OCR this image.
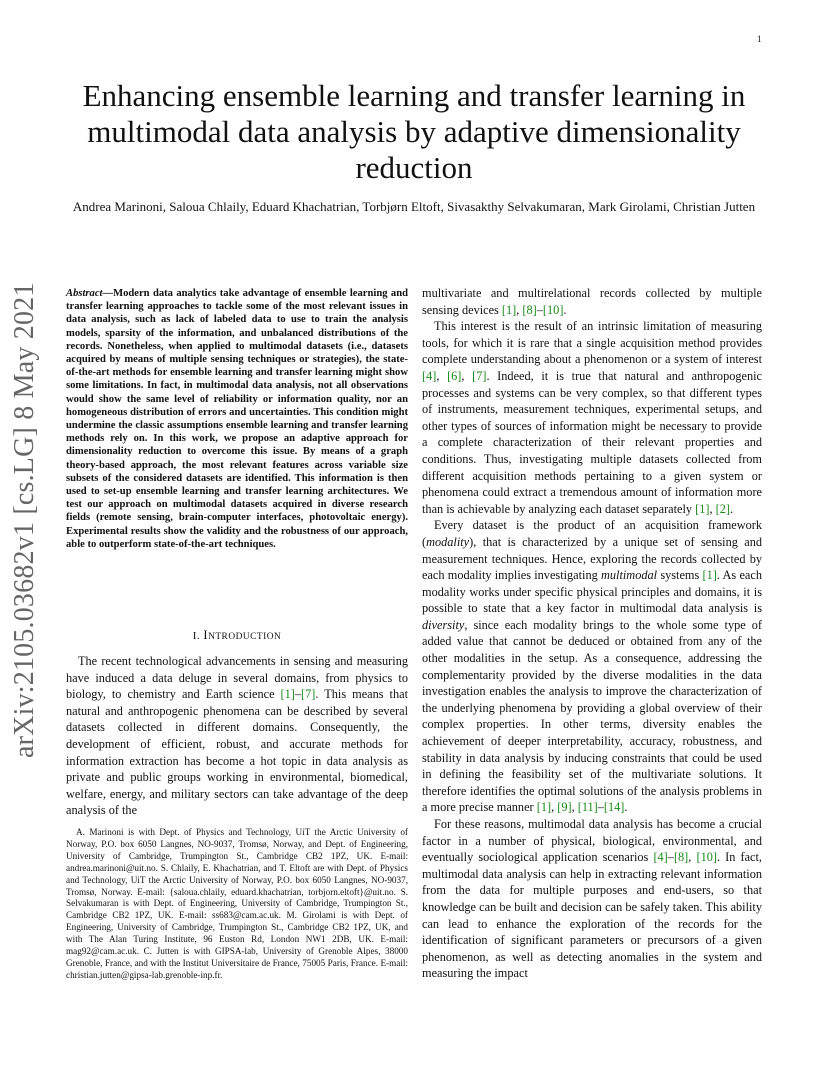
1
arXiv:2105.03682v1 [cs.LG] 8 May 2021
Enhancing ensemble learning and transfer learning in multimodal data analysis by adaptive dimensionality reduction
Andrea Marinoni, Saloua Chlaily, Eduard Khachatrian, Torbjørn Eltoft, Sivasakthy Selvakumaran, Mark Girolami, Christian Jutten

Abstract—Modern data analytics take advantage of ensemble learning and transfer learning approaches to tackle some of the most relevant issues in data analysis, such as lack of labeled data to use to train the analysis models, sparsity of the information, and unbalanced distributions of the records. Nonetheless, when applied to multimodal datasets (i.e., datasets acquired by means of multiple sensing techniques or strategies), the state-of-the-art methods for ensemble learning and transfer learning might show some limitations. In fact, in multimodal data analysis, not all observations would show the same level of reliability or information quality, nor an homogeneous distribution of errors and uncertainties. This condition might undermine the classic assumptions ensemble learning and transfer learning methods rely on. In this work, we propose an adaptive approach for dimensionality reduction to overcome this issue. By means of a graph theory-based approach, the most relevant features across variable size subsets of the considered datasets are identified. This information is then used to set-up ensemble learning and transfer learning architectures. We test our approach on multimodal datasets acquired in diverse research fields (remote sensing, brain-computer interfaces, photovoltaic energy). Experimental results show the validity and the robustness of our approach, able to outperform state-of-the-art techniques.

I. INTRODUCTION

The recent technological advancements in sensing and measuring have induced a data deluge in several domains, from physics to biology, to chemistry and Earth science [1]–[7]. This means that natural and anthropogenic phenomena can be described by several datasets collected in different domains. Consequently, the development of efficient, robust, and accurate methods for information extraction has become a hot topic in data analysis as private and public groups working in environmental, biomedical, welfare, energy, and military sectors can take advantage of the deep analysis of the

A. Marinoni is with Dept. of Physics and Technology, UiT the Arctic University of Norway, P.O. box 6050 Langnes, NO-9037, Tromsø, Norway, and Dept. of Engineering, University of Cambridge, Trumpington St., Cambridge CB2 1PZ, UK. E-mail: andrea.marinoni@uit.no. S. Chlaily, E. Khachatrian, and T. Eltoft are with Dept. of Physics and Technology, UiT the Arctic University of Norway, P.O. box 6050 Langnes, NO-9037, Tromsø, Norway. E-mail: {saloua.chlaily, eduard.khachatrian, torbjorn.eltoft}@uit.no. S. Selvakumaran is with Dept. of Engineering, University of Cambridge, Trumpington St., Cambridge CB2 1PZ, UK. E-mail: ss683@cam.ac.uk. M. Girolami is with Dept. of Engineering, University of Cambridge, Trumpington St., Cambridge CB2 1PZ, UK, and with The Alan Turing Institute, 96 Euston Rd, London NW1 2DB, UK. E-mail: mag92@cam.ac.uk. C. Jutten is with GIPSA-lab, University of Grenoble Alpes, 38000 Grenoble, France, and with the Institut Universitaire de France, 75005 Paris, France. E-mail: christian.jutten@gipsa-lab.grenoble-inp.fr.

multivariate and multirelational records collected by multiple sensing devices [1], [8]–[10].

This interest is the result of an intrinsic limitation of measuring tools, for which it is rare that a single acquisition method provides complete understanding about a phenomenon or a system of interest [4], [6], [7]. Indeed, it is true that natural and anthropogenic processes and systems can be very complex, so that different types of instruments, measurement techniques, experimental setups, and other types of sources of information might be necessary to provide a complete characterization of their relevant properties and conditions. Thus, investigating multiple datasets collected from different acquisition methods pertaining to a given system or phenomena could extract a tremendous amount of information more than is achievable by analyzing each dataset separately [1], [2].

Every dataset is the product of an acquisition framework (modality), that is characterized by a unique set of sensing and measurement techniques. Hence, exploring the records collected by each modality implies investigating multimodal systems [1]. As each modality works under specific physical principles and domains, it is possible to state that a key factor in multimodal data analysis is diversity, since each modality brings to the whole some type of added value that cannot be deduced or obtained from any of the other modalities in the setup. As a consequence, addressing the complementarity provided by the diverse modalities in the data investigation enables the analysis to improve the characterization of the underlying phenomena by providing a global overview of their complex properties. In other terms, diversity enables the achievement of deeper interpretability, accuracy, robustness, and stability in data analysis by inducing constraints that could be used in defining the feasibility set of the multivariate solutions. It therefore identifies the optimal solutions of the analysis problems in a more precise manner [1], [9], [11]–[14].

For these reasons, multimodal data analysis has become a crucial factor in a number of physical, biological, environmental, and eventually sociological application scenarios [4]–[8], [10]. In fact, multimodal data analysis can help in extracting relevant information from the data for multiple purposes and end-users, so that knowledge can be built and decision can be safely taken. This ability can lead to enhance the exploration of the records for the identification of significant parameters or precursors of a given phenomenon, as well as detecting anomalies in the system and measuring the impact
